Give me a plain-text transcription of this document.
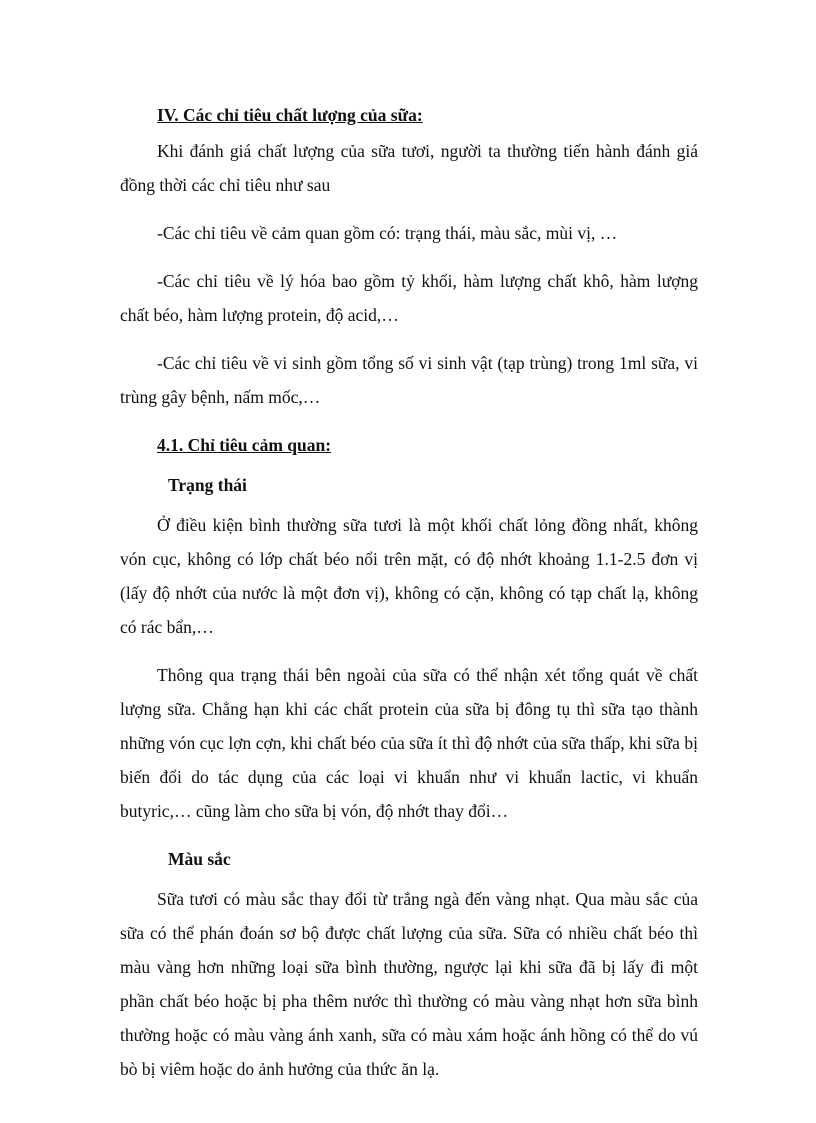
IV. Các chỉ tiêu chất lượng của sữa:

Khi đánh giá chất lượng của sữa tươi, người ta thường tiến hành đánh giá đồng thời các chỉ tiêu như sau

-Các chỉ tiêu về cảm quan gồm có: trạng thái, màu sắc, mùi vị, …

-Các chỉ tiêu về lý hóa bao gồm tỷ khối, hàm lượng chất khô, hàm lượng chất béo, hàm lượng protein, độ acid,…

-Các chỉ tiêu về vi sinh gồm tổng số vi sinh vật (tạp trùng) trong 1ml sữa, vi trùng gây bệnh, nấm mốc,…

4.1. Chỉ tiêu cảm quan:

Trạng thái

Ở điều kiện bình thường sữa tươi là một khối chất lỏng đồng nhất, không vón cục, không có lớp chất béo nổi trên mặt, có độ nhớt khoảng 1.1-2.5 đơn vị (lấy độ nhớt của nước là một đơn vị), không có cặn, không có tạp chất lạ, không có rác bẩn,…

Thông qua trạng thái bên ngoài của sữa có thể nhận xét tổng quát về chất lượng sữa. Chẳng hạn khi các chất protein của sữa bị đông tụ thì sữa tạo thành những vón cục lợn cợn, khi chất béo của sữa ít thì độ nhớt của sữa thấp, khi sữa bị biến đổi do tác dụng của các loại vi khuẩn như vi khuẩn lactic, vi khuẩn butyric,… cũng làm cho sữa bị vón, độ nhớt thay đổi…

Màu sắc

Sữa tươi có màu sắc thay đổi từ trắng ngà đến vàng nhạt. Qua màu sắc của sữa có thể phán đoán sơ bộ được chất lượng của sữa. Sữa có nhiều chất béo thì màu vàng hơn những loại sữa bình thường, ngược lại khi sữa đã bị lấy đi một phần chất béo hoặc bị pha thêm nước thì thường có màu vàng nhạt hơn sữa bình thường hoặc có màu vàng ánh xanh, sữa có màu xám hoặc ánh hồng có thể do vú bò bị viêm hoặc do ảnh hưởng của thức ăn lạ.
